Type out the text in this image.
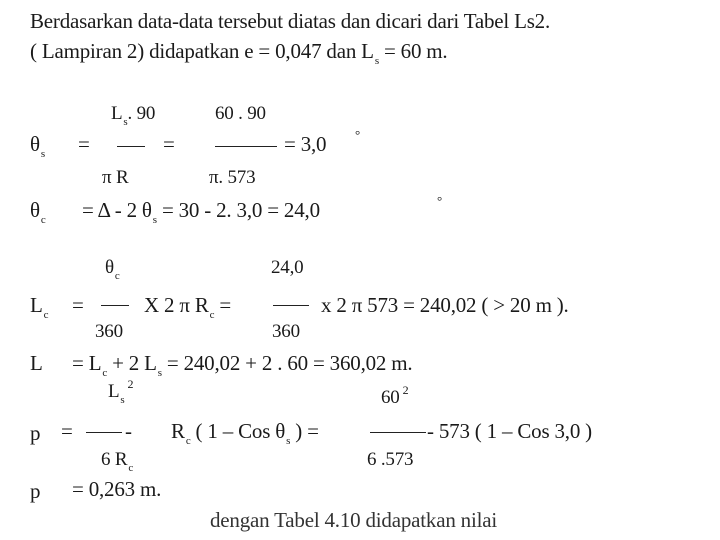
Berdasarkan data-data tersebut diatas dan dicari dari Tabel Ls2.
( Lampiran 2) didapatkan e = 0,047 dan $L_s = 60$ m.
$\theta_s$ =
$L_s$. 90
π R
=
60 . 90
π. 573
= 3,0 °
$\theta_c = \Delta - 2$ $\theta_s = 30 - 2$. 3,0 = 24,0	°
$L_c$ =
$\theta_c$
360
X 2 π $R_c$ =
24,0
360
x 2 π 573 = 240,02 ( > 20 m ).
$L = L_c + 2$ $L_s = 240,02 + 2$ . 60 = 360,02 m.
p =
$L_s^2$
6 $R_c$
- $R_c$ ( 1 – Cos $\theta_s$ ) =
60 $^2$
6 .573
- 573 ( 1 – Cos 3,0 )
p = 0,263 m.
dengan Tabel 4.10 didapatkan nilai
